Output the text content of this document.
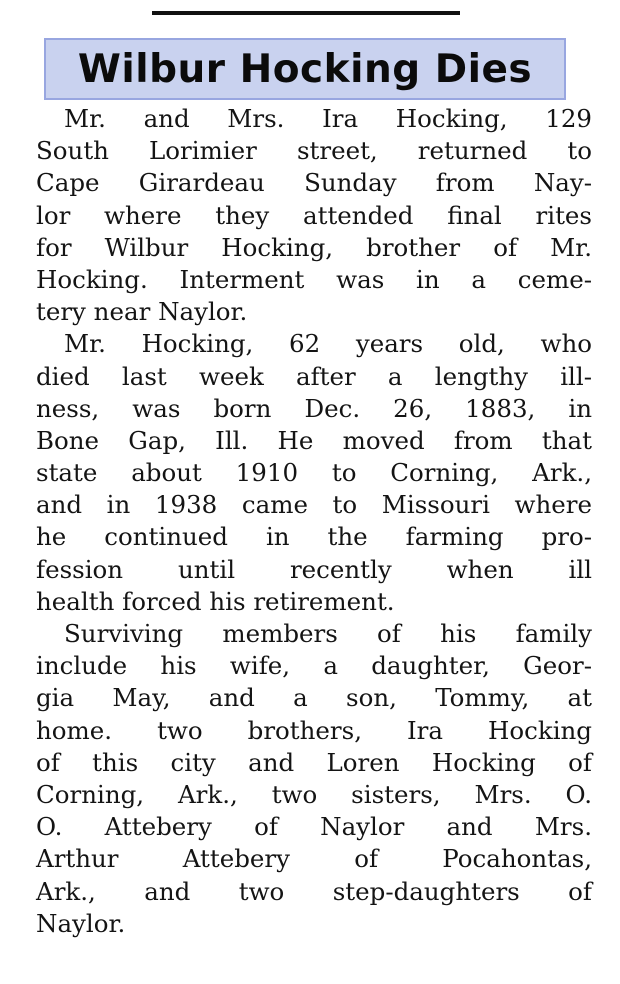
Wilbur Hocking Dies
Mr. and Mrs. Ira Hocking, 129
South Lorimier street, returned to
Cape Girardeau Sunday from Nay-
lor where they attended final rites
for Wilbur Hocking, brother of Mr.
Hocking. Interment was in a ceme-
tery near Naylor.
Mr. Hocking, 62 years old, who
died last week after a lengthy ill-
ness, was born Dec. 26, 1883, in
Bone Gap, Ill. He moved from that
state about 1910 to Corning, Ark.,
and in 1938 came to Missouri where
he continued in the farming pro-
fession until recently when ill
health forced his retirement.
Surviving members of his family
include his wife, a daughter, Geor-
gia May, and a son, Tommy, at
home. two brothers, Ira Hocking
of this city and Loren Hocking of
Corning, Ark., two sisters, Mrs. O.
O. Attebery of Naylor and Mrs.
Arthur Attebery of Pocahontas,
Ark., and two step-daughters of
Naylor.
